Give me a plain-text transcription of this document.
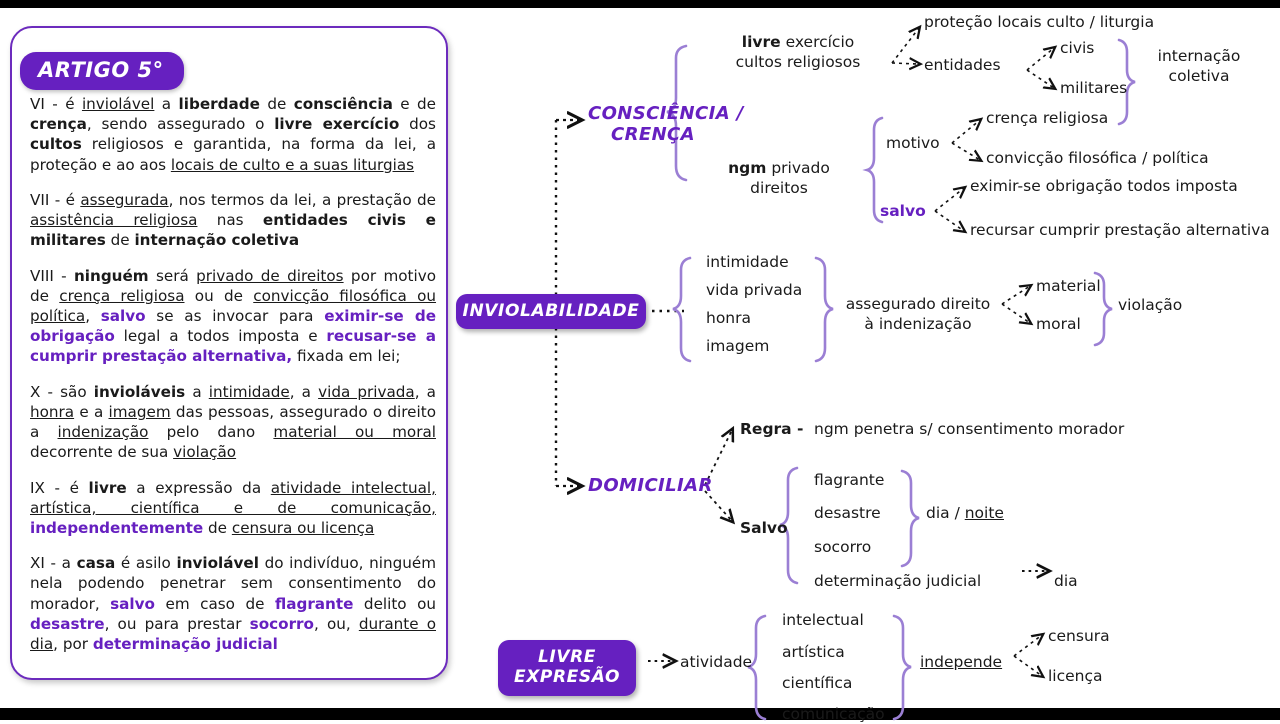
ARTIGO 5°

VI - é inviolável a liberdade de consciência e de crença, sendo assegurado o livre exercício dos cultos religiosos e garantida, na forma da lei, a proteção e ao aos locais de culto e a suas liturgias

VII - é assegurada, nos termos da lei, a prestação de assistência religiosa nas entidades civis e militares de internação coletiva

VIII - ninguém será privado de direitos por motivo de crença religiosa ou de convicção filosófica ou política, salvo se as invocar para eximir-se de obrigação legal a todos imposta e recusar-se a cumprir prestação alternativa, fixada em lei;

X - são invioláveis a intimidade, a vida privada, a honra e a imagem das pessoas, assegurado o direito a indenização pelo dano material ou moral decorrente de sua violação

IX - é livre a expressão da atividade intelectual, artística, científica e de comunicação, independentemente de censura ou licença

XI - a casa é asilo inviolável do indivíduo, ninguém nela podendo penetrar sem consentimento do morador, salvo em caso de flagrante delito ou desastre, ou para prestar socorro, ou, durante o dia, por determinação judicial

CONSCIÊNCIA /
CRENÇA
livre exercício
cultos religiosos
proteção locais culto / liturgia
entidades
civis
militares
internação
coletiva
ngm privado
direitos
motivo
crença religiosa
convicção filosófica / política
salvo
eximir-se obrigação todos imposta
recursar cumprir prestação alternativa
INVIOLABILIDADE
intimidade
vida privada
honra
imagem
assegurado direito
à indenização
material
moral
violação
DOMICILIAR
Regra - ngm penetra s/ consentimento morador
Salvo
flagrante
desastre
socorro
determinação judicial	dia
dia / noite
LIVRE EXPRESÃO
atividade
intelectual
artística
científica
comunicação
independe
censura
licença
